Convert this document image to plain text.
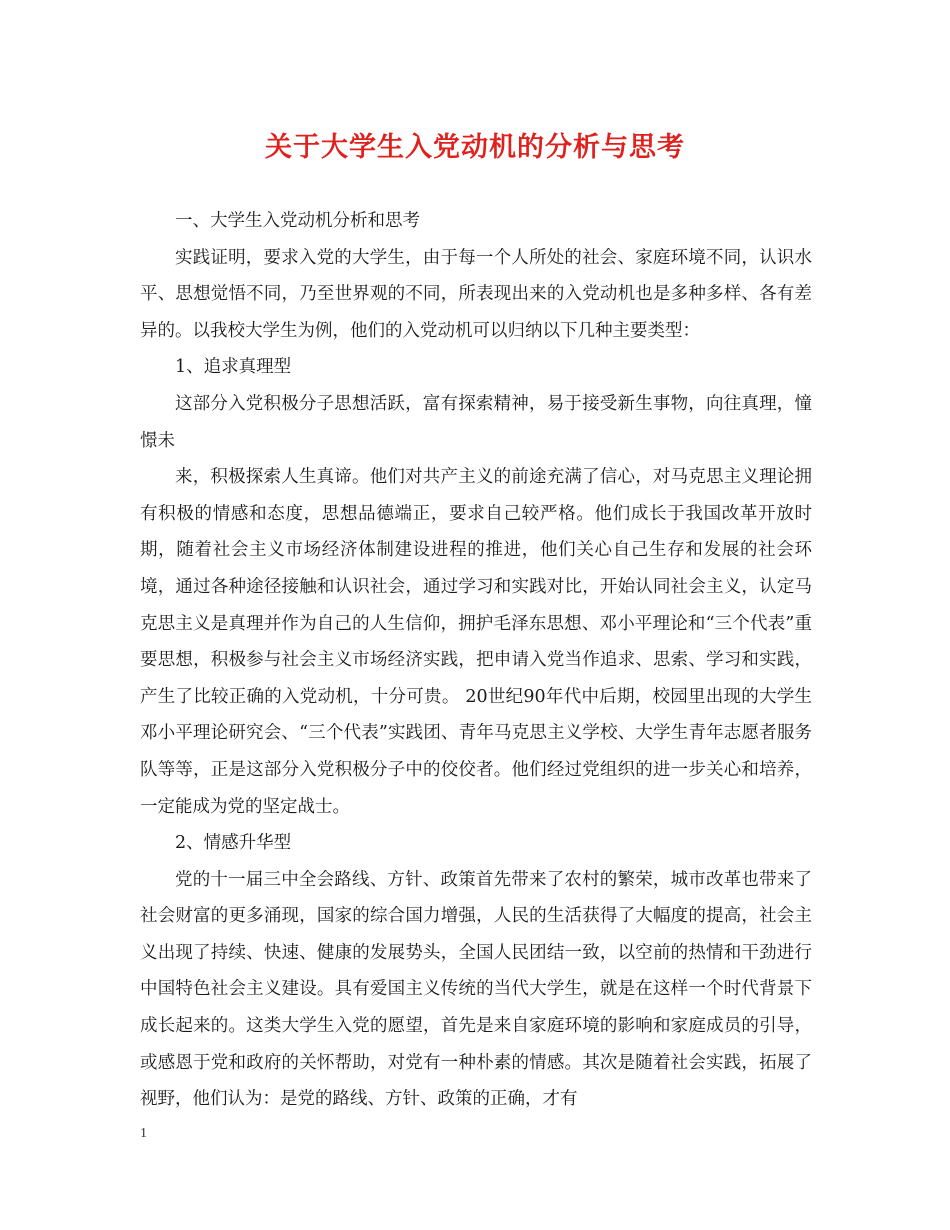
关于大学生入党动机的分析与思考

一、大学生入党动机分析和思考

实践证明，要求入党的大学生，由于每一个人所处的社会、家庭环境不同，认识水平、思想觉悟不同，乃至世界观的不同，所表现出来的入党动机也是多种多样、各有差异的。以我校大学生为例，他们的入党动机可以归纳以下几种主要类型：

1、追求真理型

这部分入党积极分子思想活跃，富有探索精神，易于接受新生事物，向往真理，憧憬未

来，积极探索人生真谛。他们对共产主义的前途充满了信心，对马克思主义理论拥有积极的情感和态度，思想品德端正，要求自己较严格。他们成长于我国改革开放时期，随着社会主义市场经济体制建设进程的推进，他们关心自己生存和发展的社会环境，通过各种途径接触和认识社会，通过学习和实践对比，开始认同社会主义，认定马克思主义是真理并作为自己的人生信仰，拥护毛泽东思想、邓小平理论和“三个代表”重要思想，积极参与社会主义市场经济实践，把申请入党当作追求、思索、学习和实践，产生了比较正确的入党动机，十分可贵。 20世纪90年代中后期，校园里出现的大学生邓小平理论研究会、“三个代表”实践团、青年马克思主义学校、大学生青年志愿者服务队等等，正是这部分入党积极分子中的佼佼者。他们经过党组织的进一步关心和培养，一定能成为党的坚定战士。

2、情感升华型

党的十一届三中全会路线、方针、政策首先带来了农村的繁荣，城市改革也带来了社会财富的更多涌现，国家的综合国力增强，人民的生活获得了大幅度的提高，社会主义出现了持续、快速、健康的发展势头，全国人民团结一致，以空前的热情和干劲进行中国特色社会主义建设。具有爱国主义传统的当代大学生，就是在这样一个时代背景下成长起来的。这类大学生入党的愿望，首先是来自家庭环境的影响和家庭成员的引导，或感恩于党和政府的关怀帮助，对党有一种朴素的情感。其次是随着社会实践，拓展了视野，他们认为：是党的路线、方针、政策的正确，才有

1
